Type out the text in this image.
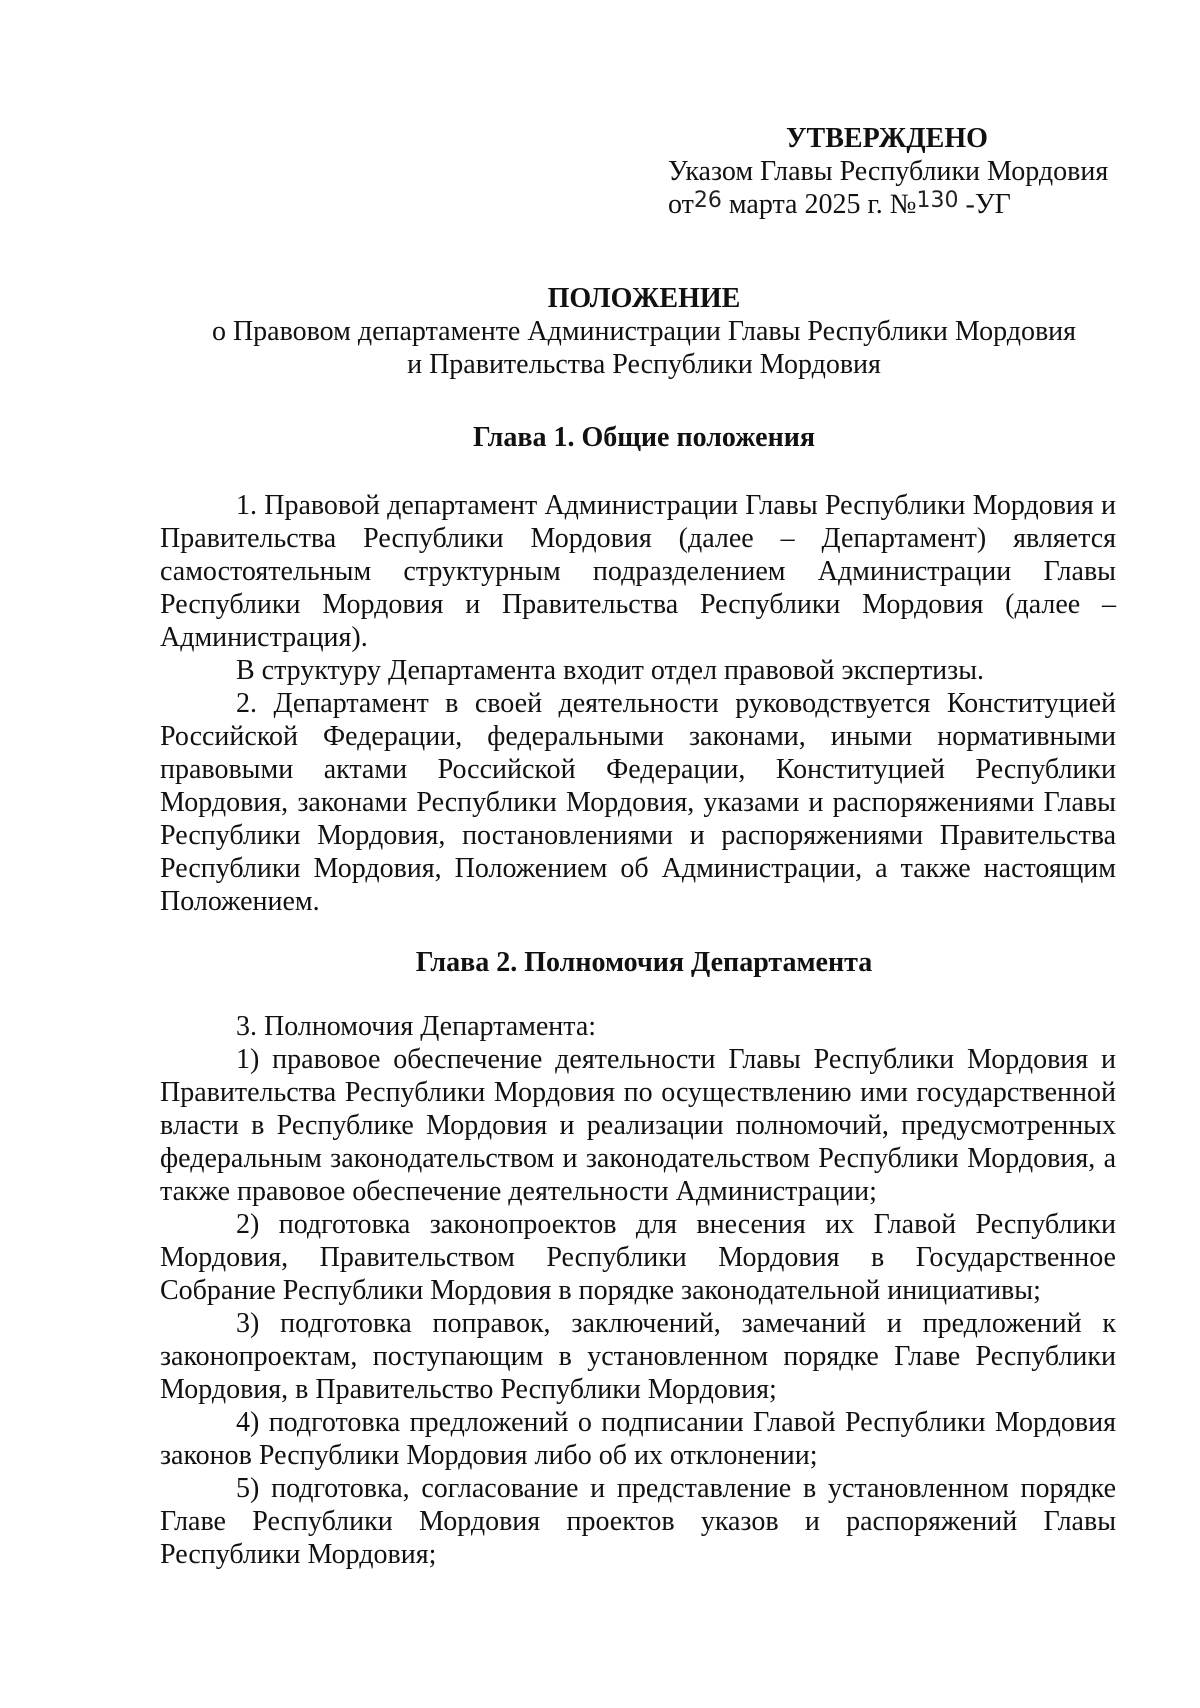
УТВЕРЖДЕНО
Указом Главы Республики Мордовия
$от^{26}$ марта 2025 г. №$^{130}$ -УГ
ПОЛОЖЕНИЕ
о Правовом департаменте Администрации Главы Республики Мордовия
и Правительства Республики Мордовия
Глава 1. Общие положения

1. Правовой департамент Администрации Главы Республики Мордовия и Правительства Республики Мордовия (далее – Департамент) является самостоятельным структурным подразделением Администрации Главы Республики Мордовия и Правительства Республики Мордовия (далее – Администрация).

В структуру Департамента входит отдел правовой экспертизы.

2. Департамент в своей деятельности руководствуется Конституцией Российской Федерации, федеральными законами, иными нормативными правовыми актами Российской Федерации, Конституцией Республики Мордовия, законами Республики Мордовия, указами и распоряжениями Главы Республики Мордовия, постановлениями и распоряжениями Правительства Республики Мордовия, Положением об Администрации, а также настоящим Положением.

Глава 2. Полномочия Департамента

3. Полномочия Департамента:

1) правовое обеспечение деятельности Главы Республики Мордовия и Правительства Республики Мордовия по осуществлению ими государственной власти в Республике Мордовия и реализации полномочий, предусмотренных федеральным законодательством и законодательством Республики Мордовия, а также правовое обеспечение деятельности Администрации;

2) подготовка законопроектов для внесения их Главой Республики Мордовия, Правительством Республики Мордовия в Государственное Собрание Республики Мордовия в порядке законодательной инициативы;

3) подготовка поправок, заключений, замечаний и предложений к законопроектам, поступающим в установленном порядке Главе Республики Мордовия, в Правительство Республики Мордовия;

4) подготовка предложений о подписании Главой Республики Мордовия законов Республики Мордовия либо об их отклонении;

5) подготовка, согласование и представление в установленном порядке Главе Республики Мордовия проектов указов и распоряжений Главы Республики Мордовия;
